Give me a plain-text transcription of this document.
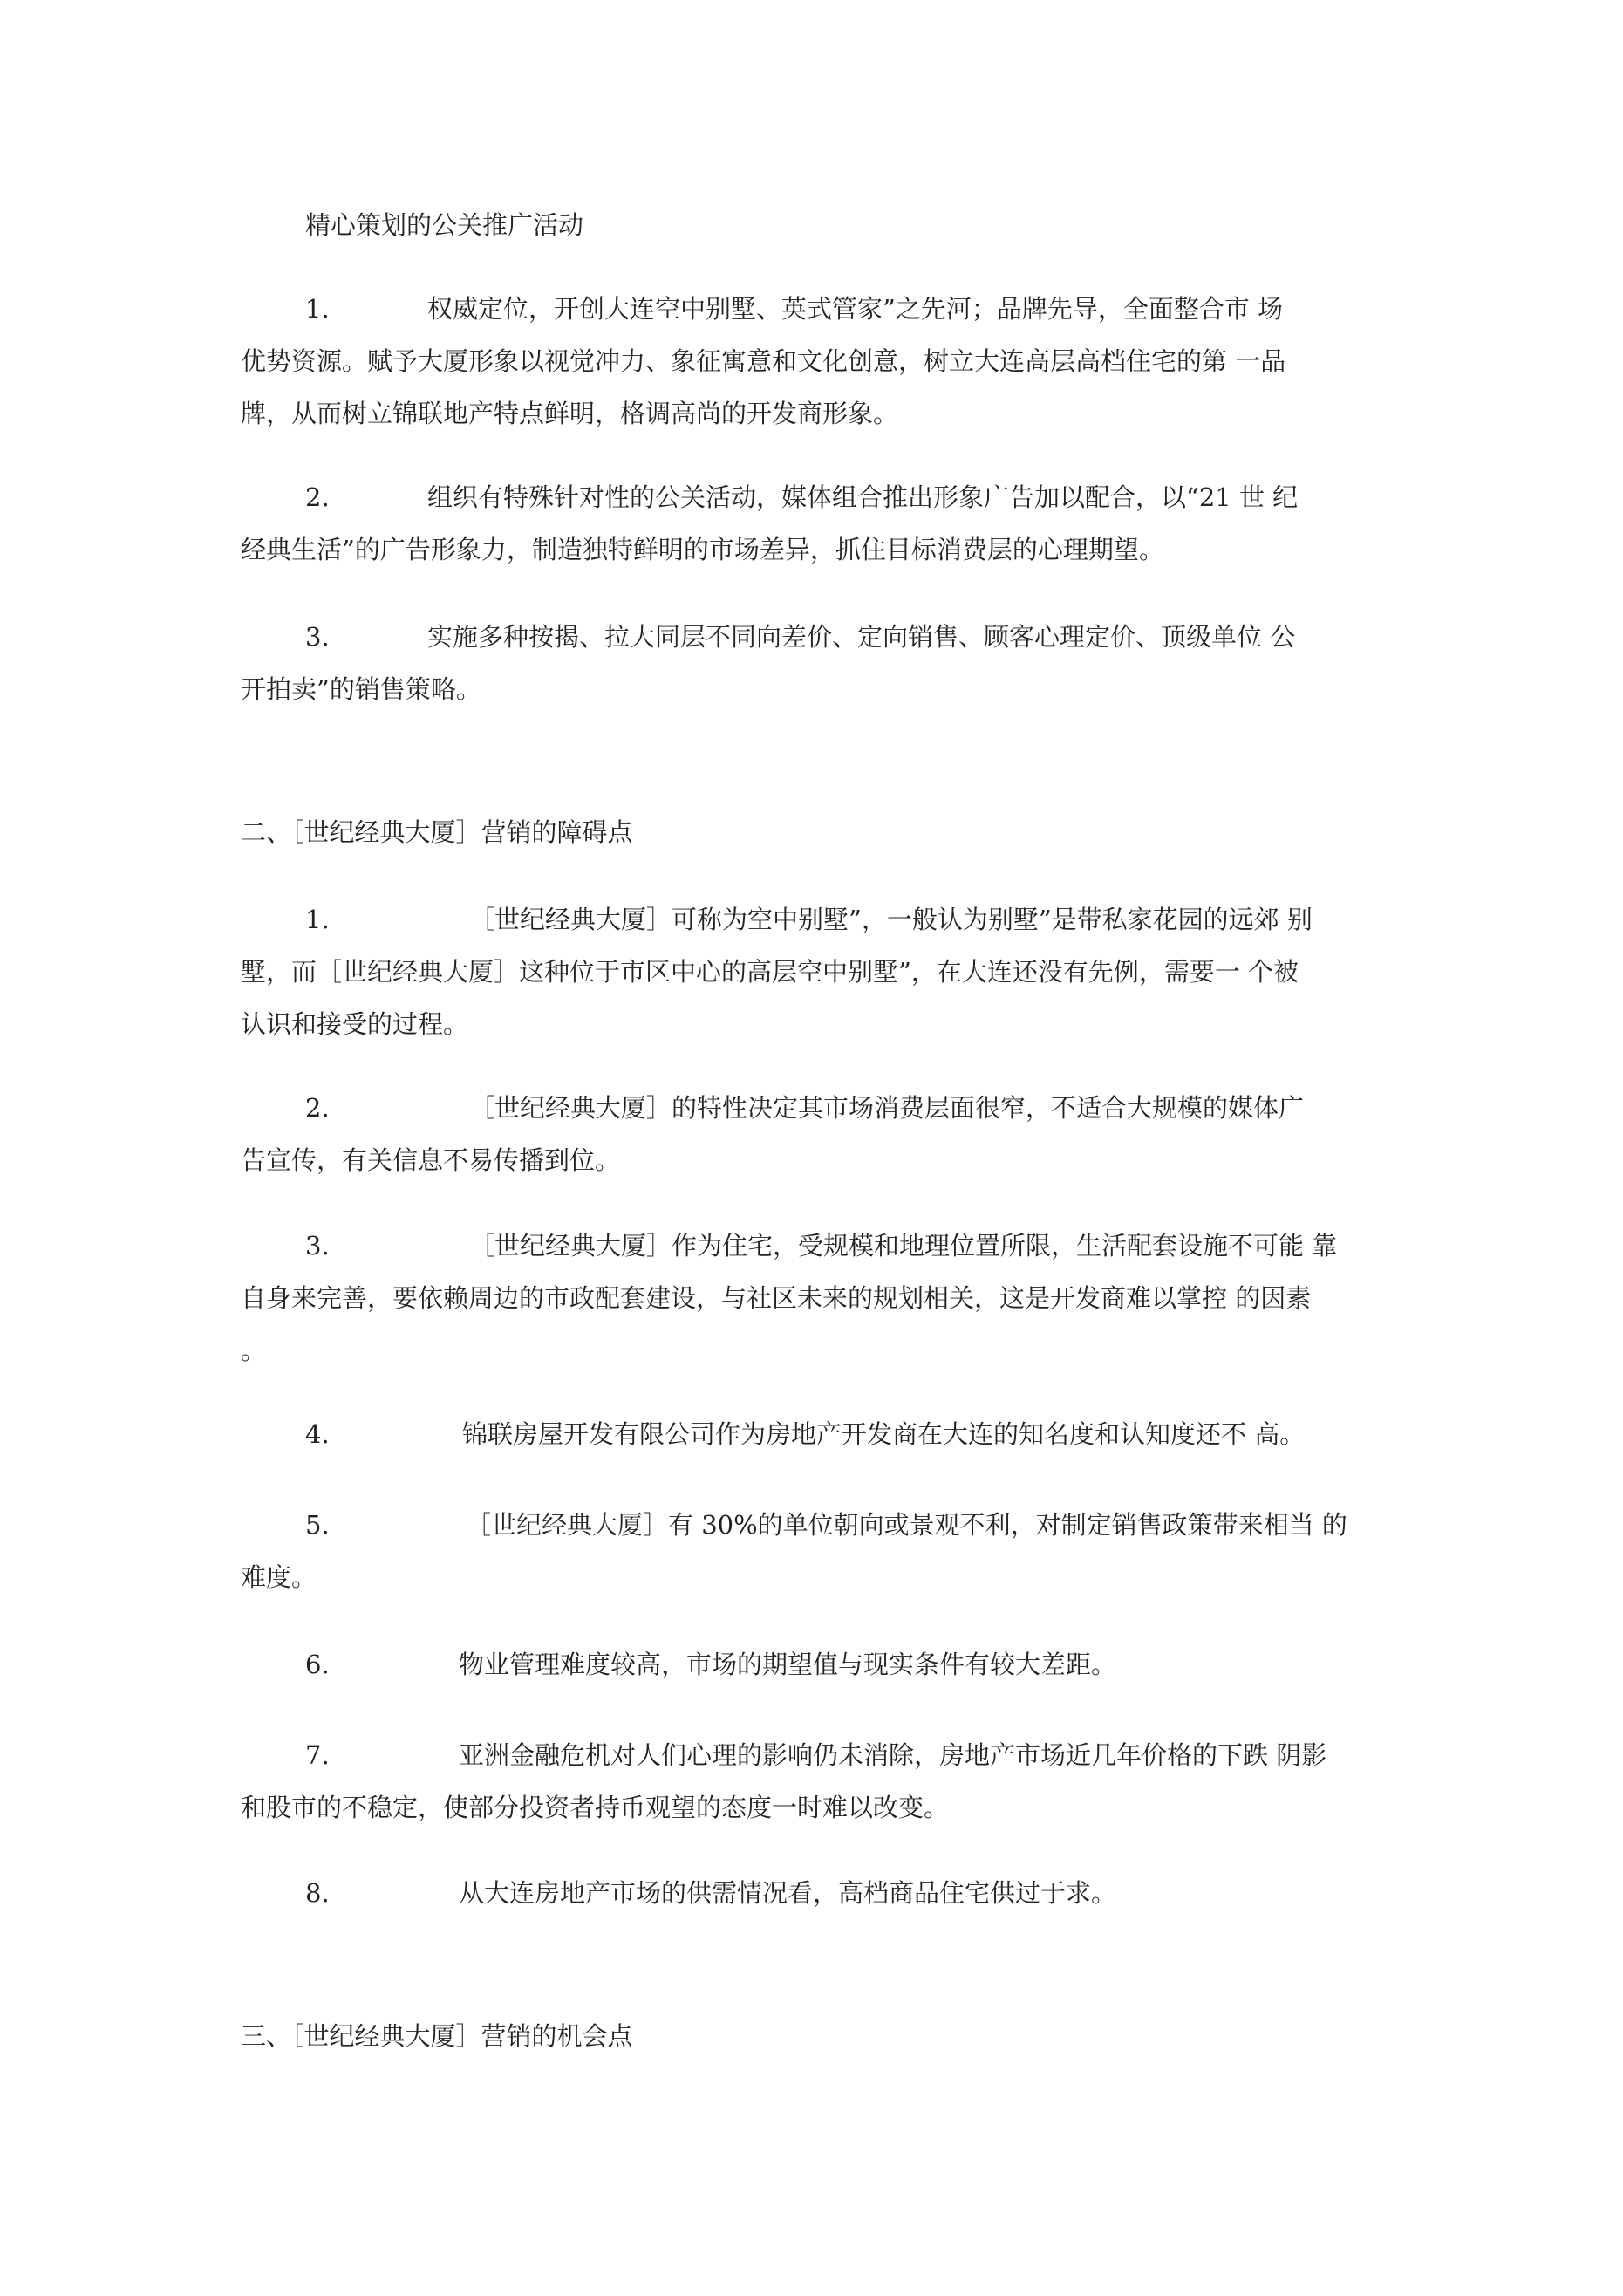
精心策划的公关推广活动

1.	权威定位，开创大连空中别墅、英式管家”之先河；品牌先导，全面整合市 场

优势资源。赋予大厦形象以视觉冲力、象征寓意和文化创意，树立大连高层高档住宅的第 一品

牌，从而树立锦联地产特点鲜明，格调高尚的开发商形象。

2.	组织有特殊针对性的公关活动，媒体组合推出形象广告加以配合，以“21 世 纪

经典生活”的广告形象力，制造独特鲜明的市场差异，抓住目标消费层的心理期望。

3.	实施多种按揭、拉大同层不同向差价、定向销售、顾客心理定价、顶级单位 公

开拍卖”的销售策略。

二、［世纪经典大厦］营销的障碍点

1.	［世纪经典大厦］可称为空中别墅”，一般认为别墅”是带私家花园的远郊 别

墅，而［世纪经典大厦］这种位于市区中心的高层空中别墅”，在大连还没有先例，需要一 个被

认识和接受的过程。

2.	［世纪经典大厦］的特性决定其市场消费层面很窄，不适合大规模的媒体广

告宣传，有关信息不易传播到位。

3.	［世纪经典大厦］作为住宅，受规模和地理位置所限，生活配套设施不可能 靠

自身来完善，要依赖周边的市政配套建设，与社区未来的规划相关，这是开发商难以掌控 的因素

。

4.	锦联房屋开发有限公司作为房地产开发商在大连的知名度和认知度还不 高。

5.	［世纪经典大厦］有 30%的单位朝向或景观不利，对制定销售政策带来相当 的

难度。

6.	物业管理难度较高，市场的期望值与现实条件有较大差距。

7.	亚洲金融危机对人们心理的影响仍未消除，房地产市场近几年价格的下跌 阴影

和股市的不稳定，使部分投资者持币观望的态度一时难以改变。

8.	从大连房地产市场的供需情况看，高档商品住宅供过于求。

三、［世纪经典大厦］营销的机会点
